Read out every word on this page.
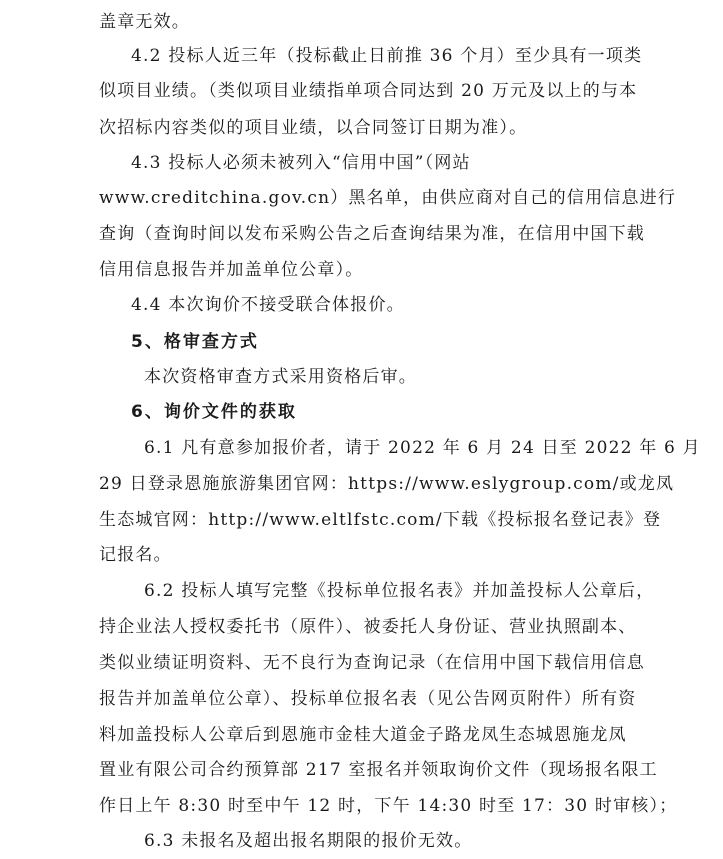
盖章无效。
4.2 投标人近三年（投标截止日前推 36 个月）至少具有一项类
似项目业绩。（类似项目业绩指单项合同达到 20 万元及以上的与本
次招标内容类似的项目业绩，以合同签订日期为准）。
4.3 投标人必须未被列入“信用中国”（网站
www.creditchina.gov.cn）黑名单，由供应商对自己的信用信息进行
查询（查询时间以发布采购公告之后查询结果为准，在信用中国下载
信用信息报告并加盖单位公章）。
4.4 本次询价不接受联合体报价。
5、格审查方式
本次资格审查方式采用资格后审。
6、询价文件的获取
6.1 凡有意参加报价者，请于 2022 年 6 月 24 日至 2022 年 6 月
29 日登录恩施旅游集团官网：https://www.eslygroup.com/或龙凤
生态城官网：http://www.eltlfstc.com/下载《投标报名登记表》登
记报名。
6.2 投标人填写完整《投标单位报名表》并加盖投标人公章后，
持企业法人授权委托书（原件）、被委托人身份证、营业执照副本、
类似业绩证明资料、无不良行为查询记录（在信用中国下载信用信息
报告并加盖单位公章）、投标单位报名表（见公告网页附件）所有资
料加盖投标人公章后到恩施市金桂大道金子路龙凤生态城恩施龙凤
置业有限公司合约预算部 217 室报名并领取询价文件（现场报名限工
作日上午 8:30 时至中午 12 时，下午 14:30 时至 17：30 时审核）；
6.3 未报名及超出报名期限的报价无效。
